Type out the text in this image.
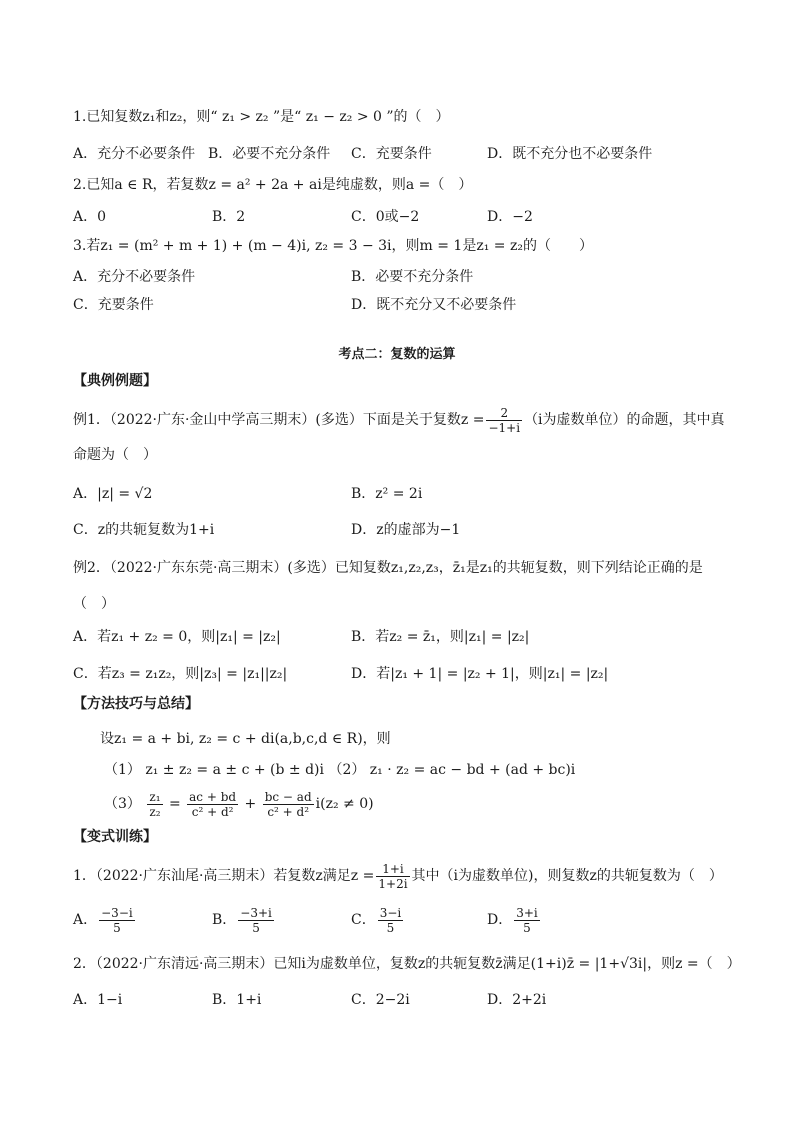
1.已知复数z₁和z₂，则“ z₁ > z₂ ”是“ z₁ − z₂ > 0 ”的（　）
A．充分不必要条件 B．必要不充分条件 C．充要条件	D．既不充分也不必要条件
2.已知a ∈ R，若复数z = a² + 2a + ai是纯虚数，则a =（　）
A．0	B．2	C．0或−2	D．−2
3.若z₁ = (m² + m + 1) + (m − 4)i, z₂ = 3 − 3i，则m = 1是z₁ = z₂的（　　）
A．充分不必要条件	B．必要不充分条件
C．充要条件	D．既不充分又不必要条件
考点二：复数的运算
【典例例题】
例1．（2022·广东·金山中学高三期末）(多选）下面是关于复数$z = \frac{2}{-1+i} (i$为虚数单位）的命题，其中真
命题为（　）
A．|z| = √2	B．z² = 2i
C．z的共轭复数为1+i	D．z的虚部为−1
例2．（2022·广东东莞·高三期末）(多选）已知复数z₁,z₂,z₃，z̄₁是z₁的共轭复数，则下列结论正确的是
（　）
A．若z₁ + z₂ = 0，则|z₁| = |z₂|	B．若z₂ = z̄₁，则|z₁| = |z₂|
C．若z₃ = z₁z₂，则|z₃| = |z₁||z₂|	D．若|z₁ + 1| = |z₂ + 1|，则|z₁| = |z₂|
【方法技巧与总结】
设z₁ = a + bi, z₂ = c + di(a,b,c,d ∈ R)，则
（1） z₁ ± z₂ = a ± c + (b ± d)i （2） z₁ · z₂ = ac − bd + (ad + bc)i
$(3) \frac{\text{z₁}}{\text{z₂}} = \frac{ac + bd}{\text{c² + d²}} + \frac{bc - ad}{\text{c² + d²}} i(z_2 \ne 0)$
【变式训练】
1．（2022·广东汕尾·高三期末）若复数z满足$z = \frac{1+i}{1+2i}$ 其中（i为虚数单位)，则复数z的共轭复数为（　）
A． $\frac{-3-i}{5}$	B． $\frac{-3+i}{5}$	C． $\frac{3-i}{5}$	D． $\frac{3+i}{5}$
2．（2022·广东清远·高三期末）已知i为虚数单位，复数z的共轭复数z̄满足(1+i)z̄ = |1+√3i|，则z =（　）
A．1−i	B．1+i	C．2−2i	D．2+2i
